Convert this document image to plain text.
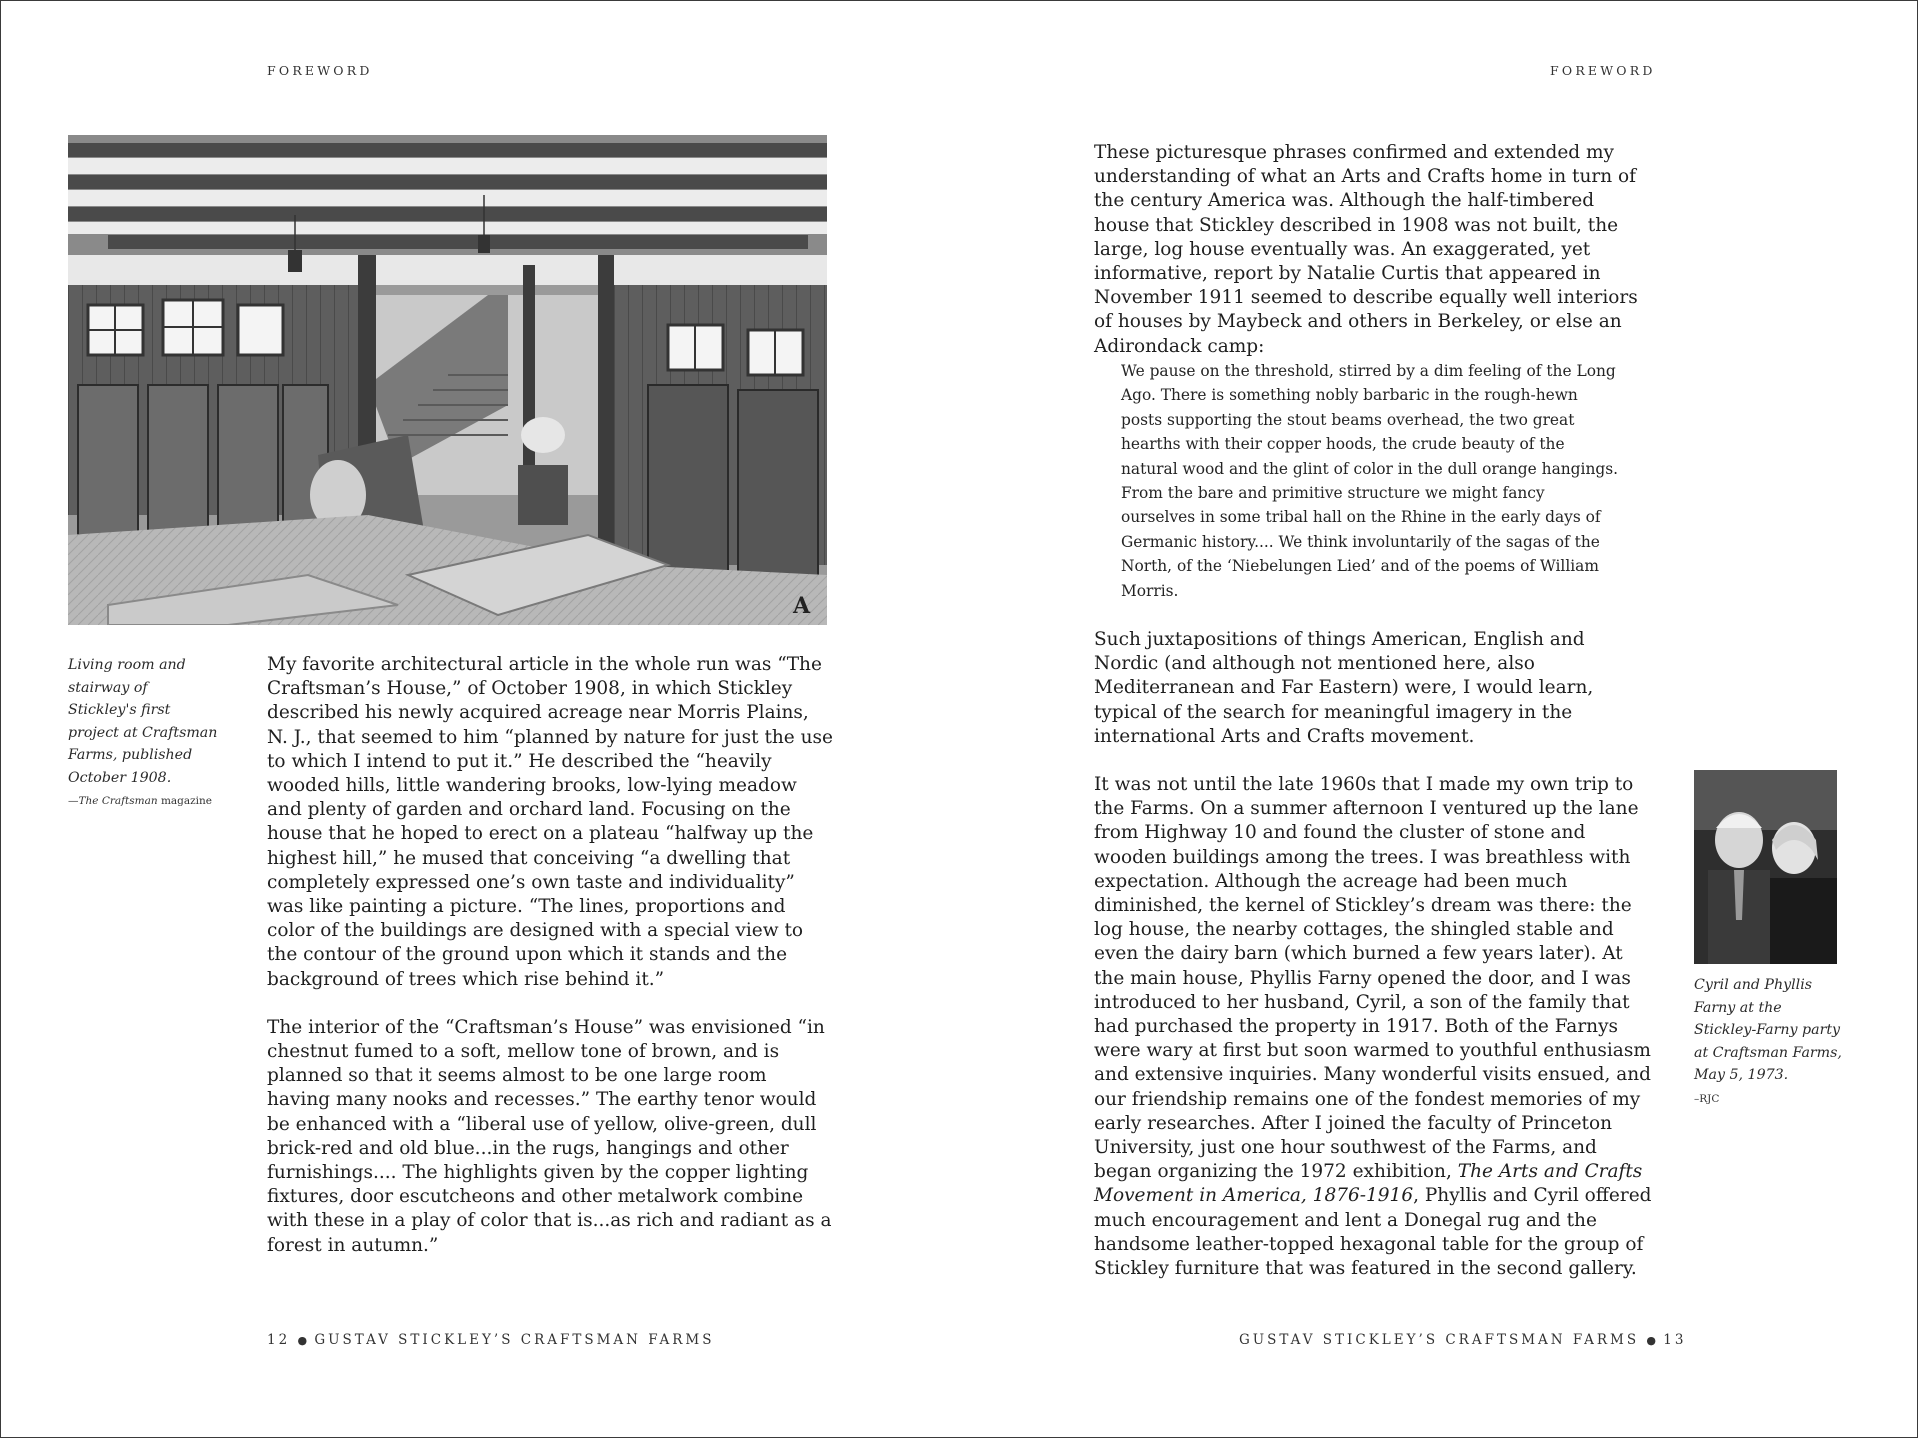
FOREWORD
A
Living room and stairway of Stickley's first project at Craftsman Farms, published October 1908.
—The Craftsman magazine

My favorite architectural article in the whole run was “The Craftsman’s House,” of October 1908, in which Stickley described his newly acquired acreage near Morris Plains, N. J., that seemed to him “planned by nature for just the use to which I intend to put it.” He described the “heavily wooded hills, little wandering brooks, low-lying meadow and plenty of garden and orchard land. Focusing on the house that he hoped to erect on a plateau “halfway up the highest hill,” he mused that conceiving “a dwelling that completely expressed one’s own taste and individuality” was like painting a picture. “The lines, proportions and color of the buildings are designed with a special view to the contour of the ground upon which it stands and the background of trees which rise behind it.”

The interior of the “Craftsman’s House” was envisioned “in chestnut fumed to a soft, mellow tone of brown, and is planned so that it seems almost to be one large room having many nooks and recesses.” The earthy tenor would be enhanced with a “liberal use of yellow, olive-green, dull brick-red and old blue...in the rugs, hangings and other furnishings.... The highlights given by the copper lighting fixtures, door escutcheons and other metalwork combine with these in a play of color that is...as rich and radiant as a forest in autumn.”

12 ● GUSTAV STICKLEY’S CRAFTSMAN FARMS
FOREWORD

These picturesque phrases confirmed and extended my understanding of what an Arts and Crafts home in turn of the century America was. Although the half-timbered house that Stickley described in 1908 was not built, the large, log house eventually was. An exaggerated, yet informative, report by Natalie Curtis that appeared in November 1911 seemed to describe equally well interiors of houses by Maybeck and others in Berkeley, or else an Adirondack camp:

We pause on the threshold, stirred by a dim feeling of the Long Ago. There is something nobly barbaric in the rough-hewn posts supporting the stout beams overhead, the two great hearths with their copper hoods, the crude beauty of the natural wood and the glint of color in the dull orange hangings. From the bare and primitive structure we might fancy ourselves in some tribal hall on the Rhine in the early days of Germanic history.... We think involuntarily of the sagas of the North, of the ‘Niebelungen Lied’ and of the poems of William Morris.

Such juxtapositions of things American, English and Nordic (and although not mentioned here, also Mediterranean and Far Eastern) were, I would learn, typical of the search for meaningful imagery in the international Arts and Crafts movement.

It was not until the late 1960s that I made my own trip to the Farms. On a summer afternoon I ventured up the lane from Highway 10 and found the cluster of stone and wooden buildings among the trees. I was breathless with expectation. Although the acreage had been much diminished, the kernel of Stickley’s dream was there: the log house, the nearby cottages, the shingled stable and even the dairy barn (which burned a few years later). At the main house, Phyllis Farny opened the door, and I was introduced to her husband, Cyril, a son of the family that had purchased the property in 1917. Both of the Farnys were wary at first but soon warmed to youthful enthusiasm and extensive inquiries. Many wonderful visits ensued, and our friendship remains one of the fondest memories of my early researches. After I joined the faculty of Princeton University, just one hour southwest of the Farms, and began organizing the 1972 exhibition, The Arts and Crafts Movement in America, 1876-1916, Phyllis and Cyril offered much encouragement and lent a Donegal rug and the handsome leather-topped hexagonal table for the group of Stickley furniture that was featured in the second gallery.

Cyril and Phyllis Farny at the Stickley-Farny party at Craftsman Farms, May 5, 1973.
–RJC
GUSTAV STICKLEY’S CRAFTSMAN FARMS ● 13
